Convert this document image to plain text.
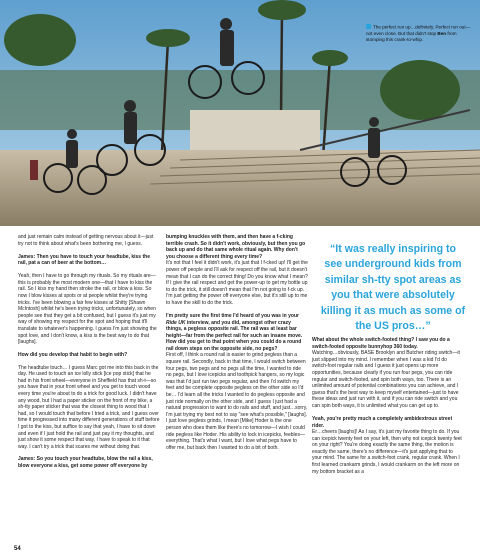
The perfect run up…definitely. Perfect run out—not even close. But that didn't stop Ben from stomping this crank-to-whip.

and just remain calm instead of getting nervous about it—just try not to think about what's been bothering me, I guess.

James: Then you have to touch your headtube, kiss the rail, pat a can of beer at the bottom…

Yeah, then I have to go through my rituals. So my rituals are—this is probably the most modern one—that I have to kiss the rail. So I kiss my hand then stroke the rail, or blow a kiss. So now I blow kisses at spots or at people whilst they're trying tricks. I've been blowing a fair few kisses at Shitty [Shawn McIntosh] whilst he's been trying tricks, unfortunately, so when people see that they get a bit confused, but I guess it's just my way of showing my respect for the spot and hoping that it'll translate to whatever's happening. I guess I'm just showing the spot love, and I don't know, a kiss is the best way to do that [laughs].

How did you develop that habit to begin with?

The headtube touch… I guess Marc got me into this back in the day. He used to touch an ice lolly stick [ice pop stick] that he had in his front wheel—everyone in Sheffield has that sh-t—so you have that in your front wheel and you get to touch wood every time you're about to do a trick for good luck. I didn't have any wood, but I had a paper sticker on the front of my bike, a sh-tty paper sticker that was the closest thing to wood that I had, so I would touch that before I tried a trick, and I guess over time it progressed into many different generations of stuff before I got to the kiss, but suffice to say that yeah, I have to sit down and even if I just hold the rail and just pay it my thoughts, and just show it some respect that way, I have to speak to it that way. I can't try a trick that scares me without doing that.

James: So you touch your headtube, blow the rail a kiss, blow everyone a kiss, get some power off everyone by

bumping knuckles with them, and then have a f-cking terrible crash. So it didn't work, obviously, but then you go back up and do that same whole ritual again. Why don't you choose a different thing every time?

It's not that I feel it didn't work, it's just that I f-cked up! I'll get the power off people and I'll ask for respect off the rail, but it doesn't mean that I can do the correct thing! Do you know what I mean? If I give the rail respect and get the power-up to get my bottle up to do the trick, it still doesn't mean that I'm not going to f-ck up. I'm just getting the power off everyone else, but it's still up to me to have the skill to do the trick.

I'm pretty sure the first time I'd heard of you was in your Ride UK interview, and you did, amongst other crazy things, a pegless opposite rail. The rail was at least bar height—far from the perfect rail for such an insane move. How did you get to that point when you could do a round rail down steps on the opposite side, no pegs?

First off, I think a round rail is easier to grind pegless than a square rail. Secondly, back in that time, I would switch between four pegs, two pegs and no pegs all the time. I wanted to ride no pegs, but I love icepicks and toothpick hangers, so my logic was that I'd just run two pegs regular, and then I'd switch my feet and be complete opposite pegless on the other side so I'd be… I'd learn all the tricks I wanted to do pegless opposite and just ride normally on the other side, and I guess I just had a natural progression to want to do rails and stuff, and just…sorry, I'm just trying my best not to say "see what's possible," [laughs]. I just love pegless grinds, I mean [Mike] Hoder is the one person who does them like there's no tomorrow—I wish I could ride pegless like Hoder. His ability to lock in icepicks, feebles—everything. That's what I want, but I love what pegs have to offer me, but back then I wanted to do a bit of both.

“It was really inspiring to see underground kids from similar sh-tty spot areas as you that were absolutely killing it as much as some of the US pros…”

What about the whole switch-footed thing? I saw you do a switch-footed opposite bunnyhop 360 today.

Watching…obviously, BASE Brooklyn and Butcher riding switch—it just slipped into my mind. I remember when I was a kid I'd do switch-foot regular rails and I guess it just opens up more opportunities, because clearly if you run four pegs, you can ride regular and switch-footed, and spin both ways, too. There is an unlimited amount of potential combinations you can achieve, and I guess that's the best way to keep myself entertained—just to have these ideas and just run with it, and if you can ride switch and you can spin both ways, it is unlimited what you can get up to.

Yeah, you're pretty much a completely ambidextrous street rider.

Er…cheers [laughs]! As I say, it's just my favorite thing to do. If you can icepick twenty feet on your left, then why not icepick twenty feet on your right? You're doing exactly the same thing, the motion is exactly the same, there's no difference—it's just applying that to your mind. The same for a switch-foot crank, regular crank. When I first learned crankarm grinds, I would crankarm on the left more on my bottom bracket as a

54
